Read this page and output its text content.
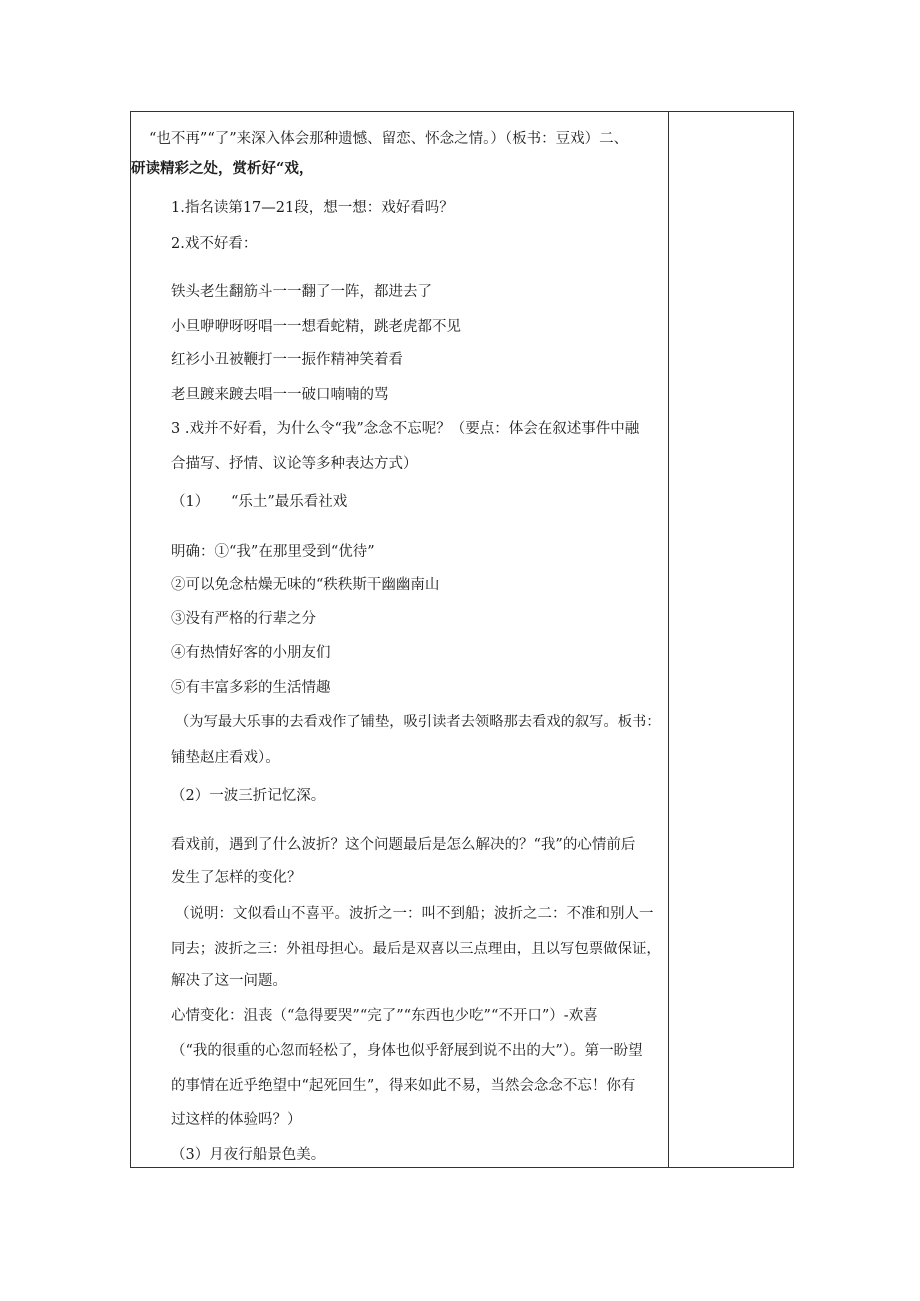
“也不再”“了”来深入体会那种遗憾、留恋、怀念之情。）（板书：豆戏）二、
研读精彩之处，赏析好“戏，
1.指名读第17—21段，想一想：戏好看吗？
2.戏不好看：
铁头老生翻筋斗一一翻了一阵，都进去了
小旦咿咿呀呀唱一一想看蛇精，跳老虎都不见
红衫小丑被鞭打一一振作精神笑着看
老旦踱来踱去唱一一破口喃喃的骂
3 .戏并不好看，为什么令“我”念念不忘呢？（要点：体会在叙述事件中融
合描写、抒情、议论等多种表达方式）
（1）　　“乐土”最乐看社戏
明确：①“我”在那里受到“优待”
②可以免念枯燥无味的“秩秩斯干幽幽南山
③没有严格的行辈之分
④有热情好客的小朋友们
⑤有丰富多彩的生活情趣
（为写最大乐事的去看戏作了铺垫，吸引读者去领略那去看戏的叙写。板书：
铺垫赵庄看戏）。
（2）一波三折记忆深。
看戏前，遇到了什么波折？这个问题最后是怎么解决的？“我”的心情前后
发生了怎样的变化？
（说明：文似看山不喜平。波折之一：叫不到船；波折之二：不准和别人一
同去；波折之三：外祖母担心。最后是双喜以三点理由，且以写包票做保证，
解决了这一问题。
心情变化：沮丧（“急得要哭”“完了”“东西也少吃”“不开口”）-欢喜
（“我的很重的心忽而轻松了，身体也似乎舒展到说不出的大”）。第一盼望
的事情在近乎绝望中“起死回生”，得来如此不易，当然会念念不忘！你有
过这样的体验吗？）
（3）月夜行船景色美。
